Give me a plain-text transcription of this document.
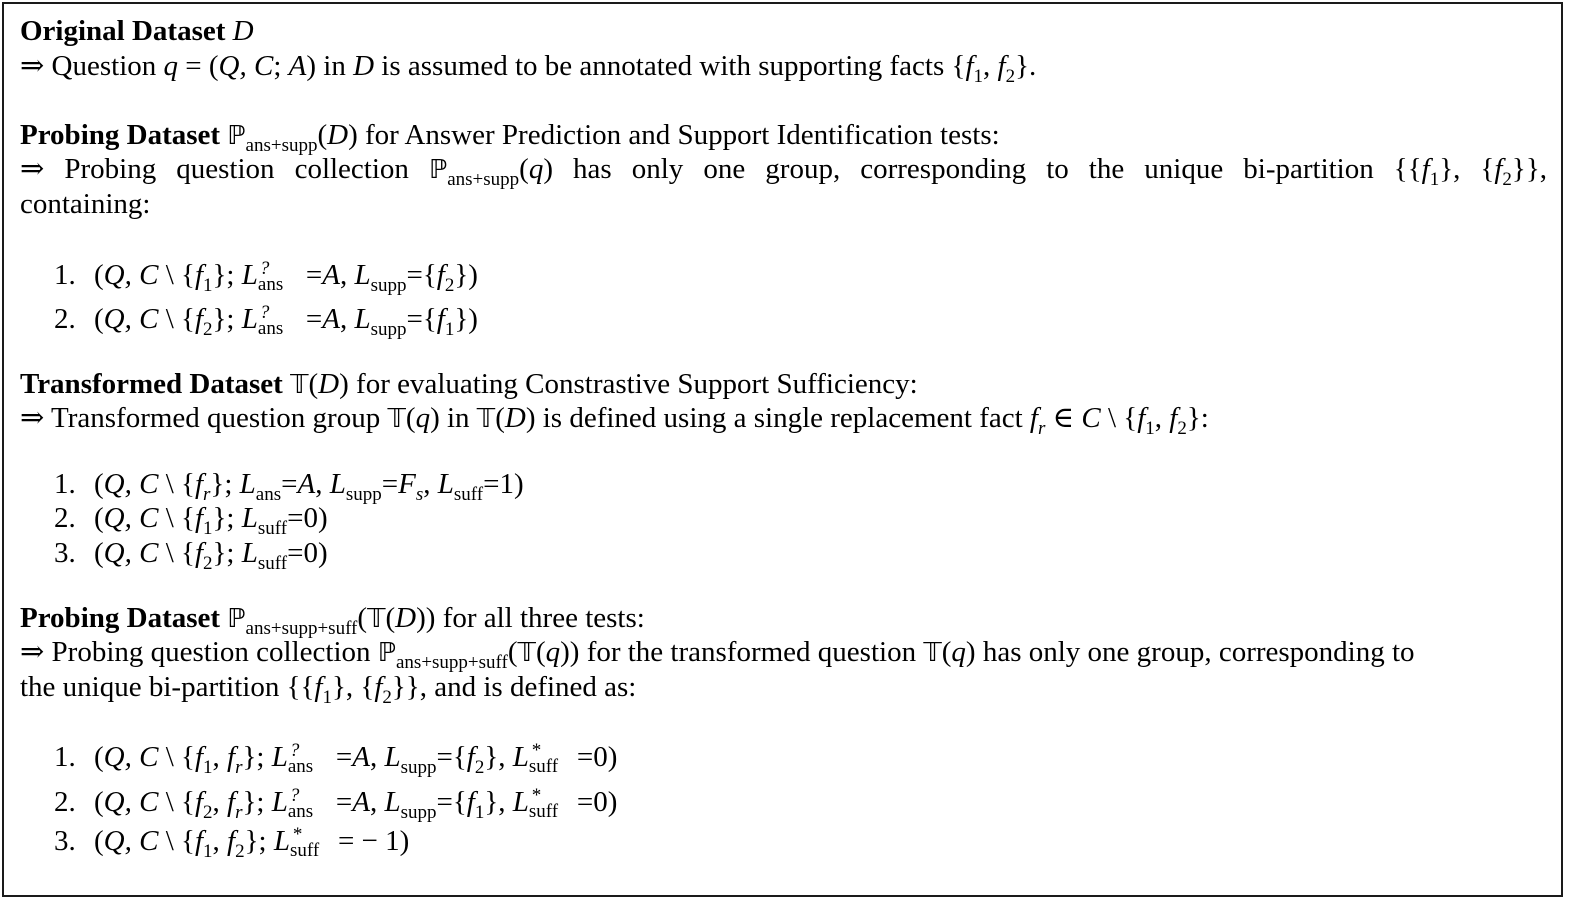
Original Dataset D
⇒ Question q = (Q, C; A) in D is assumed to be annotated with supporting facts {$f_1$, $f_2$}.
Probing Dataset ℙ$_{ans+supp}$(D) for Answer Prediction and Support Identification tests:
⇒ Probing question collection ℙ$_{ans+supp}$(q) has only one group, corresponding to the unique bi-partition {$\{f_1\}$, $\{f_2\}$},
containing:
1. (Q, C \ $\{f_1\}$; L ?
ans =A, $L_{supp}=\{f_2\}$)
2. (Q, C \ $\{f_2\}$; L ?
ans =A, $L_{supp}=\{f_1\}$)
Transformed Dataset 𝕋(D) for evaluating Constrastive Support Sufficiency:
⇒ Transformed question group 𝕋(q) in 𝕋(D) is defined using a single replacement fact $f_r$ ∈ C \ {$f_1$, $f_2$}:
1. (Q, C \ $\{f_r\}$; $L_{ans}=A$, $L_{supp}=F_s$, $L_{suff}=1$)
2. (Q, C \ $\{f_1\}$; $L_{suff}=0$)
3. (Q, C \ $\{f_2\}$; $L_{suff}=0$)
Probing Dataset ℙ$_{ans+supp+suff}$(𝕋(D)) for all three tests:
⇒ Probing question collection ℙ$_{ans+supp+suff}$(𝕋(q)) for the transformed question 𝕋(q) has only one group, corresponding to
the unique bi-partition {$\{f_1\}$, $\{f_2\}$}, and is defined as:
1. (Q, C \ {$f_1$, $f_r$}; L ?
ans =A, $L_{supp}=\{f_2\}$, L *
suff =0)
2. (Q, C \ {$f_2$, $f_r$}; L ?
ans =A, $L_{supp}=\{f_1\}$, L *
suff =0)
3. (Q, C \ {$f_1$, $f_2$}; L *
suff = − 1)
